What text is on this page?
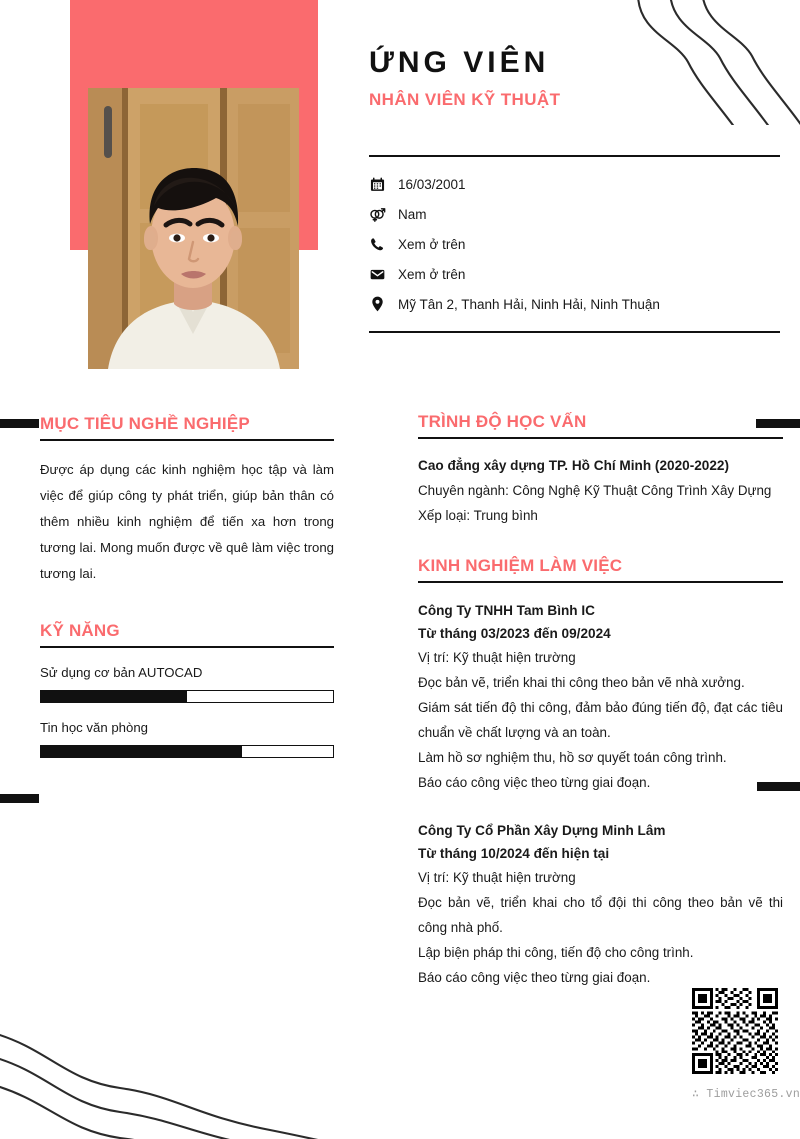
ỨNG VIÊN
NHÂN VIÊN KỸ THUẬT
16/03/2001
Nam
Xem ở trên
Xem ở trên
Mỹ Tân 2, Thanh Hải, Ninh Hải, Ninh Thuận
MỤC TIÊU NGHỀ NGHIỆP

Được áp dụng các kinh nghiệm học tập và làm việc để giúp công ty phát triển, giúp bản thân có thêm nhiều kinh nghiệm để tiến xa hơn trong tương lai. Mong muốn được về quê làm việc trong tương lai.

KỸ NĂNG
Sử dụng cơ bản AUTOCAD
Tin học văn phòng
TRÌNH ĐỘ HỌC VẤN
Cao đẳng xây dựng TP. Hồ Chí Minh (2020-2022)
Chuyên ngành: Công Nghệ Kỹ Thuật Công Trình Xây Dựng
Xếp loại: Trung bình
KINH NGHIỆM LÀM VIỆC
Công Ty TNHH Tam Bình IC
Từ tháng 03/2023 đến 09/2024
Vị trí: Kỹ thuật hiện trường
Đọc bản vẽ, triển khai thi công theo bản vẽ nhà xưởng.
Giám sát tiến độ thi công, đảm bảo đúng tiến độ, đạt các tiêu chuẩn về chất lượng và an toàn.
Làm hồ sơ nghiệm thu, hồ sơ quyết toán công trình.
Báo cáo công việc theo từng giai đoạn.
Công Ty Cổ Phần Xây Dựng Minh Lâm
Từ tháng 10/2024 đến hiện tại
Vị trí: Kỹ thuật hiện trường
Đọc bản vẽ, triển khai cho tổ đội thi công theo bản vẽ thi công nhà phố.
Lập biện pháp thi công, tiến độ cho công trình.
Báo cáo công việc theo từng giai đoạn.
∴ Timviec365.vn
